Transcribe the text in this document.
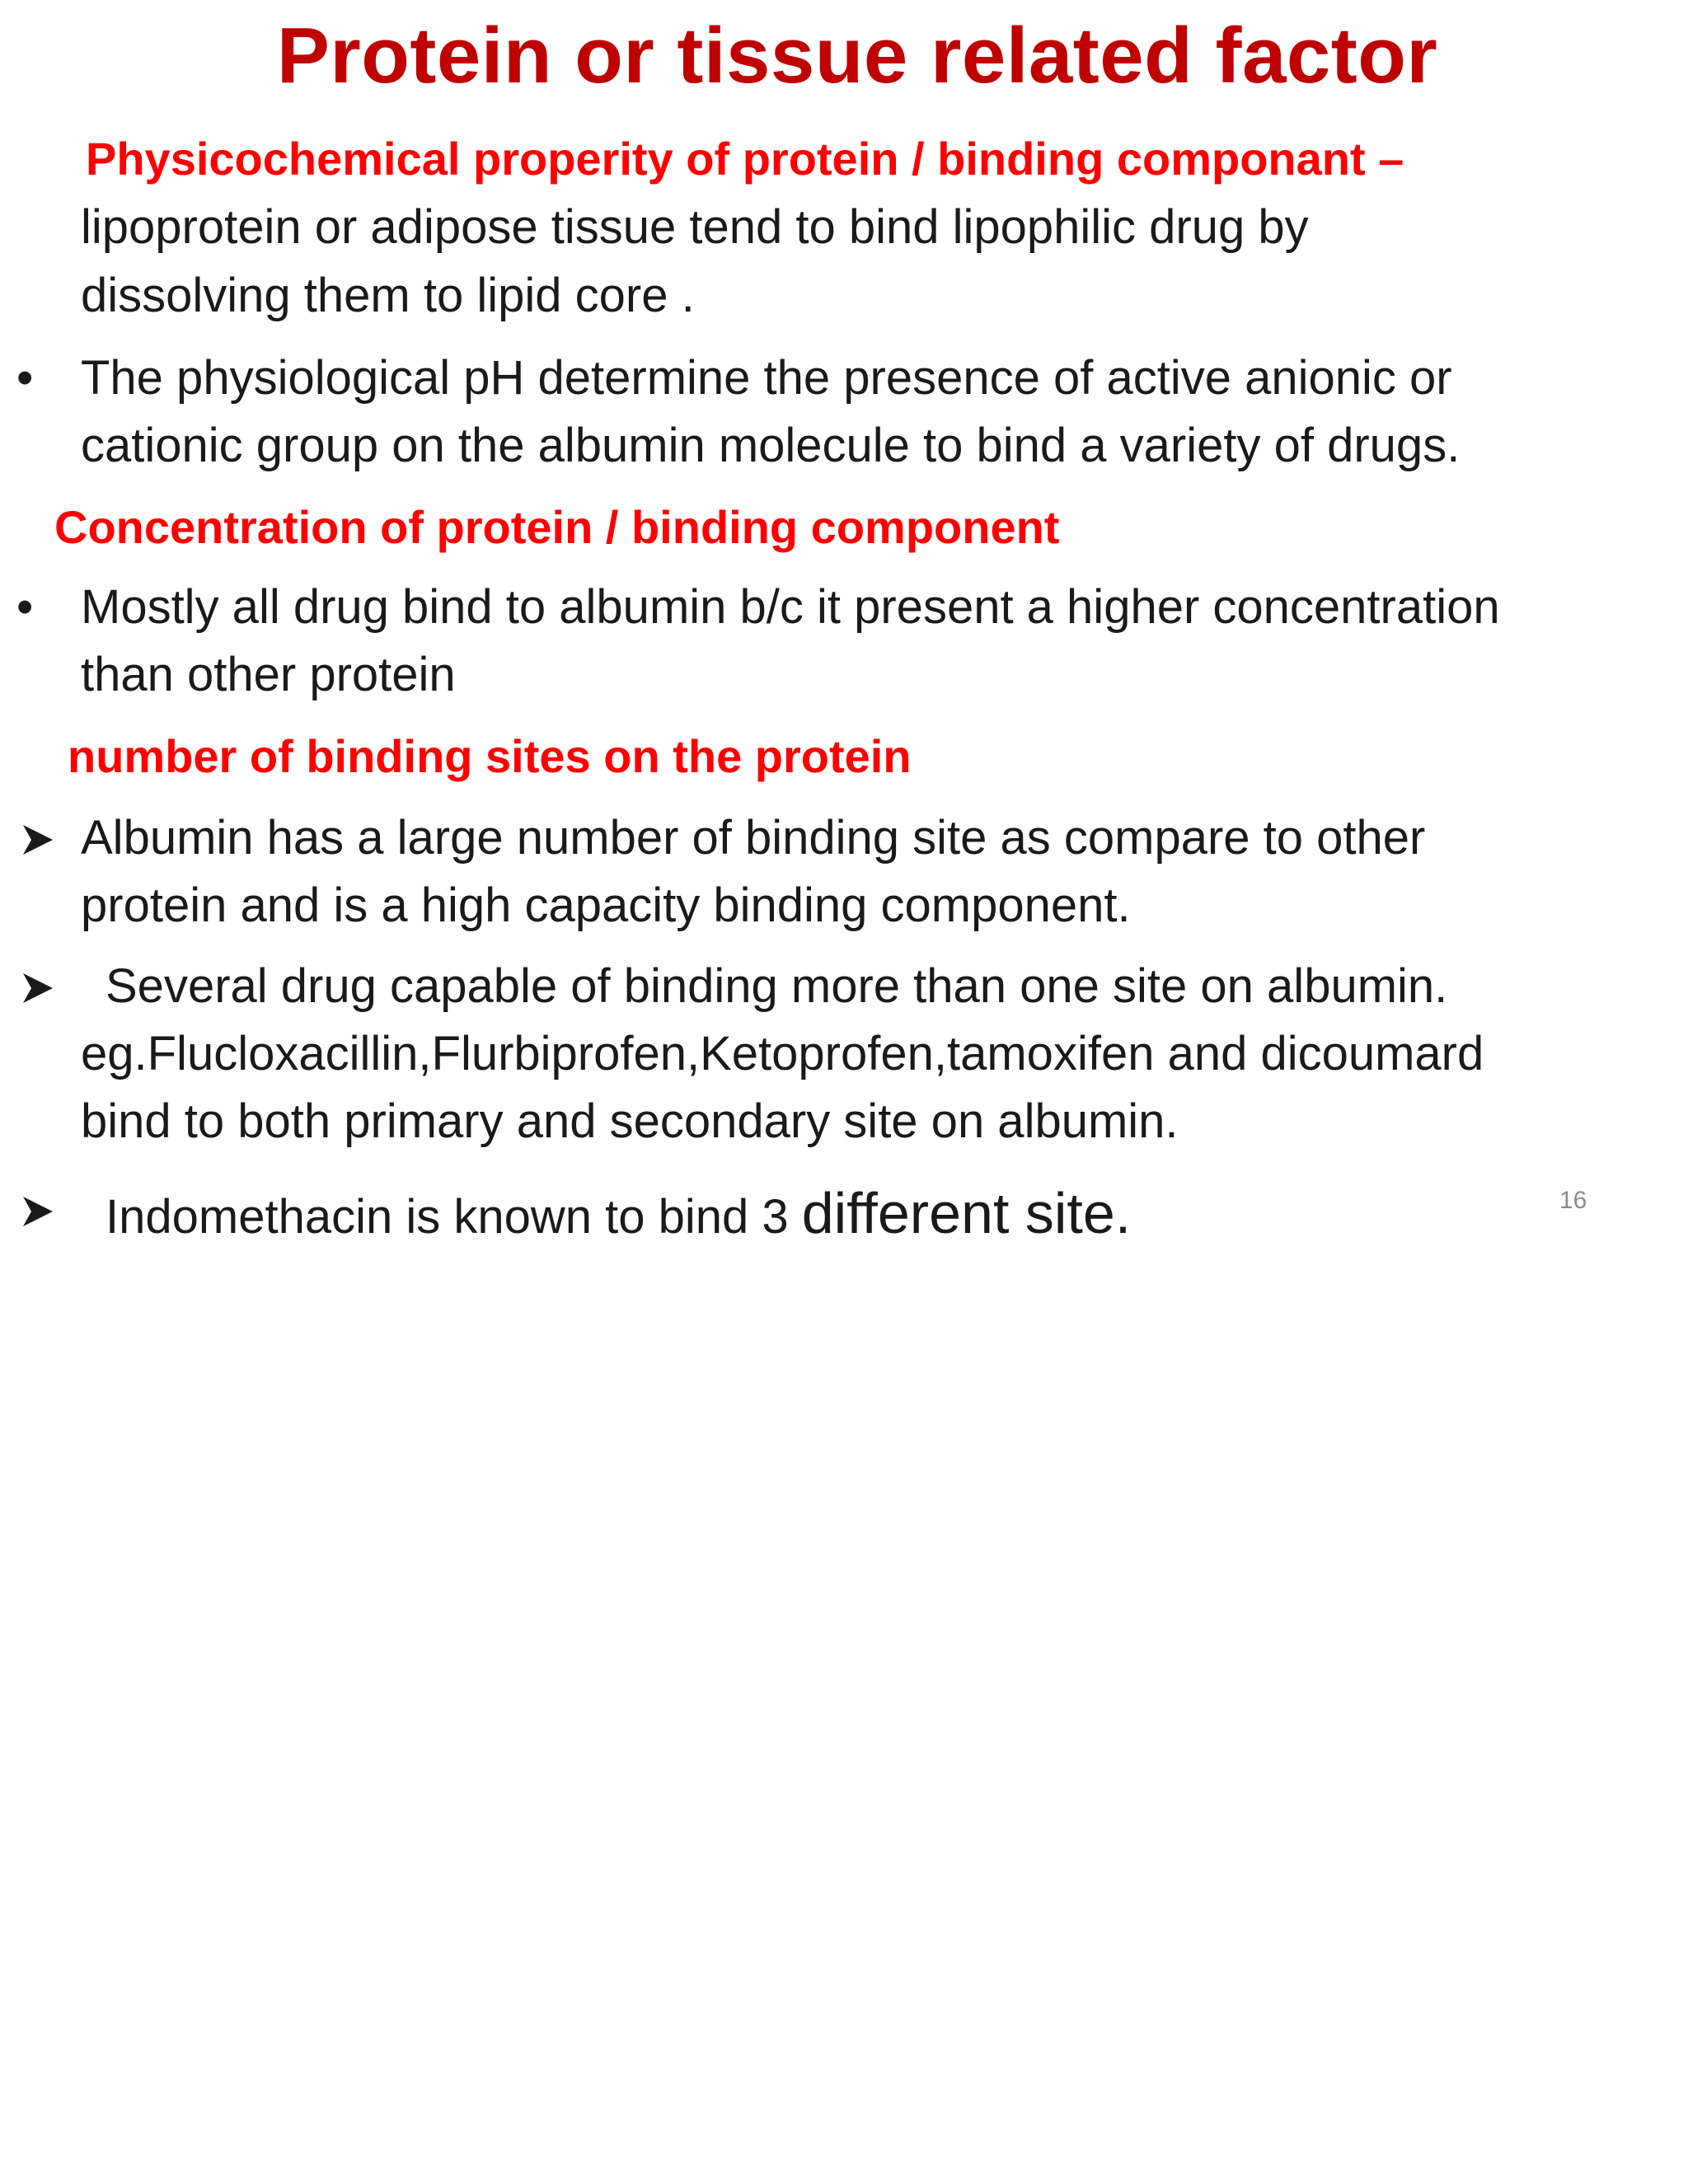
Protein or tissue related factor

Physicochemical properity of protein / binding componant –

lipoprotein or adipose tissue tend to bind lipophilic drug by

dissolving them to lipid core .

• The physiological pH determine the presence of active anionic or

cationic group on the albumin molecule to bind a variety of drugs.

Concentration of protein / binding component

• Mostly all drug bind to albumin b/c it present a higher concentration

than other protein

number of binding sites on the protein

Albumin has a large number of binding site as compare to other

protein and is a high capacity binding component.

Several drug capable of binding more than one site on albumin.

eg.Flucloxacillin,Flurbiprofen,Ketoprofen,tamoxifen and dicoumard

bind to both primary and secondary site on albumin.

Indomethacin is known to bind 3 different site.	16
